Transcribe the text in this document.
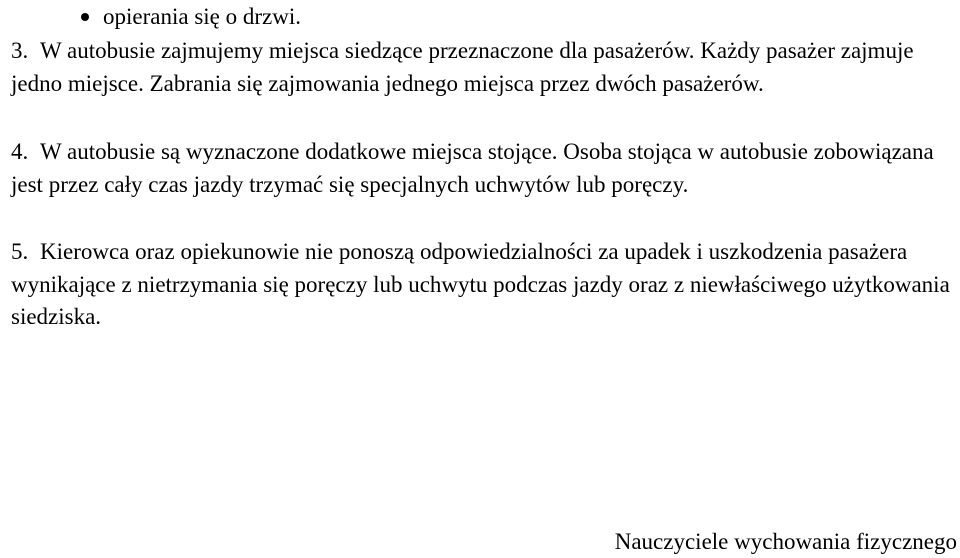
opierania się o drzwi.
3. W autobusie zajmujemy miejsca siedzące przeznaczone dla pasażerów. Każdy pasażer zajmuje jedno miejsce. Zabrania się zajmowania jednego miejsca przez dwóch pasażerów.
4. W autobusie są wyznaczone dodatkowe miejsca stojące. Osoba stojąca w autobusie zobowiązana jest przez cały czas jazdy trzymać się specjalnych uchwytów lub poręczy.
5. Kierowca oraz opiekunowie nie ponoszą odpowiedzialności za upadek i uszkodzenia pasażera wynikające z nietrzymania się poręczy lub uchwytu podczas jazdy oraz z niewłaściwego użytkowania siedziska.
Nauczyciele wychowania fizycznego
